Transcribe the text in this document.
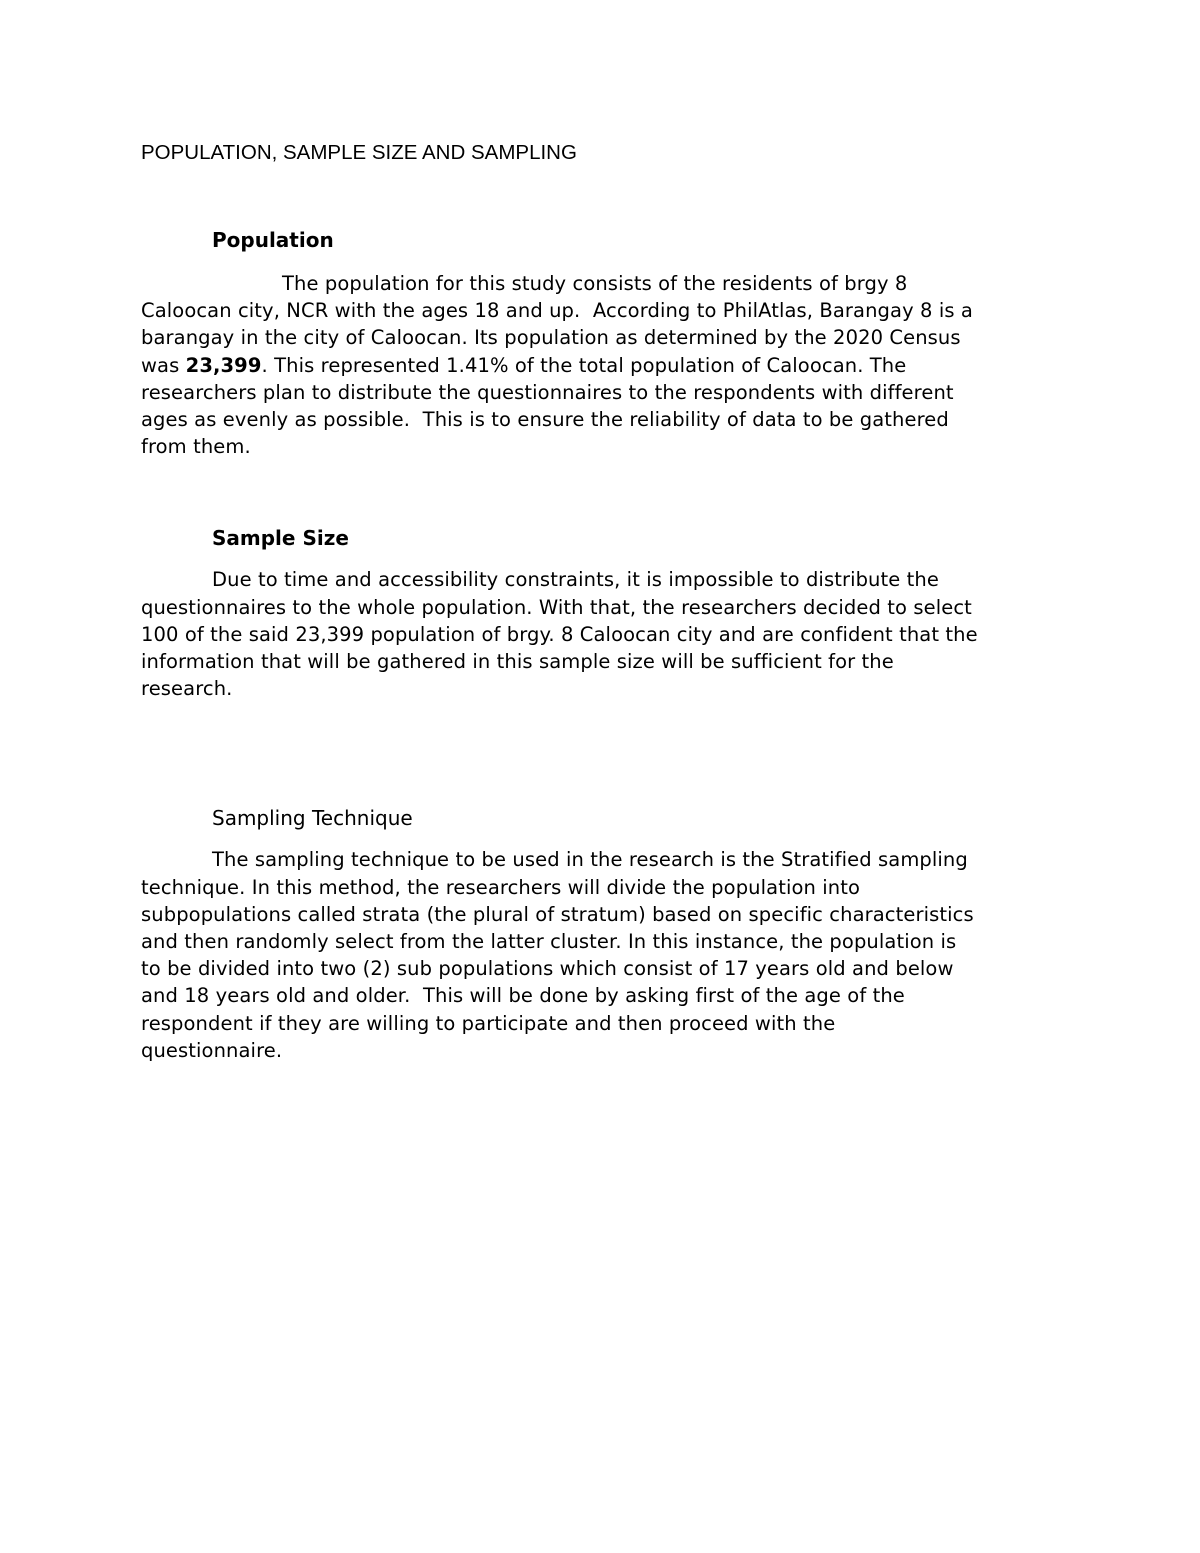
POPULATION, SAMPLE SIZE AND SAMPLING
Population
The population for this study consists of the residents of brgy 8
Caloocan city, NCR with the ages 18 and up.  According to PhilAtlas, Barangay 8 is a
barangay in the city of Caloocan. Its population as determined by the 2020 Census
was 23,399. This represented 1.41% of the total population of Caloocan. The
researchers plan to distribute the questionnaires to the respondents with different
ages as evenly as possible.  This is to ensure the reliability of data to be gathered
from them.
Sample Size
Due to time and accessibility constraints, it is impossible to distribute the
questionnaires to the whole population. With that, the researchers decided to select
100 of the said 23,399 population of brgy. 8 Caloocan city and are confident that the
information that will be gathered in this sample size will be sufficient for the
research.
Sampling Technique
The sampling technique to be used in the research is the Stratified sampling
technique. In this method, the researchers will divide the population into
subpopulations called strata (the plural of stratum) based on specific characteristics
and then randomly select from the latter cluster. In this instance, the population is
to be divided into two (2) sub populations which consist of 17 years old and below
and 18 years old and older.  This will be done by asking first of the age of the
respondent if they are willing to participate and then proceed with the
questionnaire.
